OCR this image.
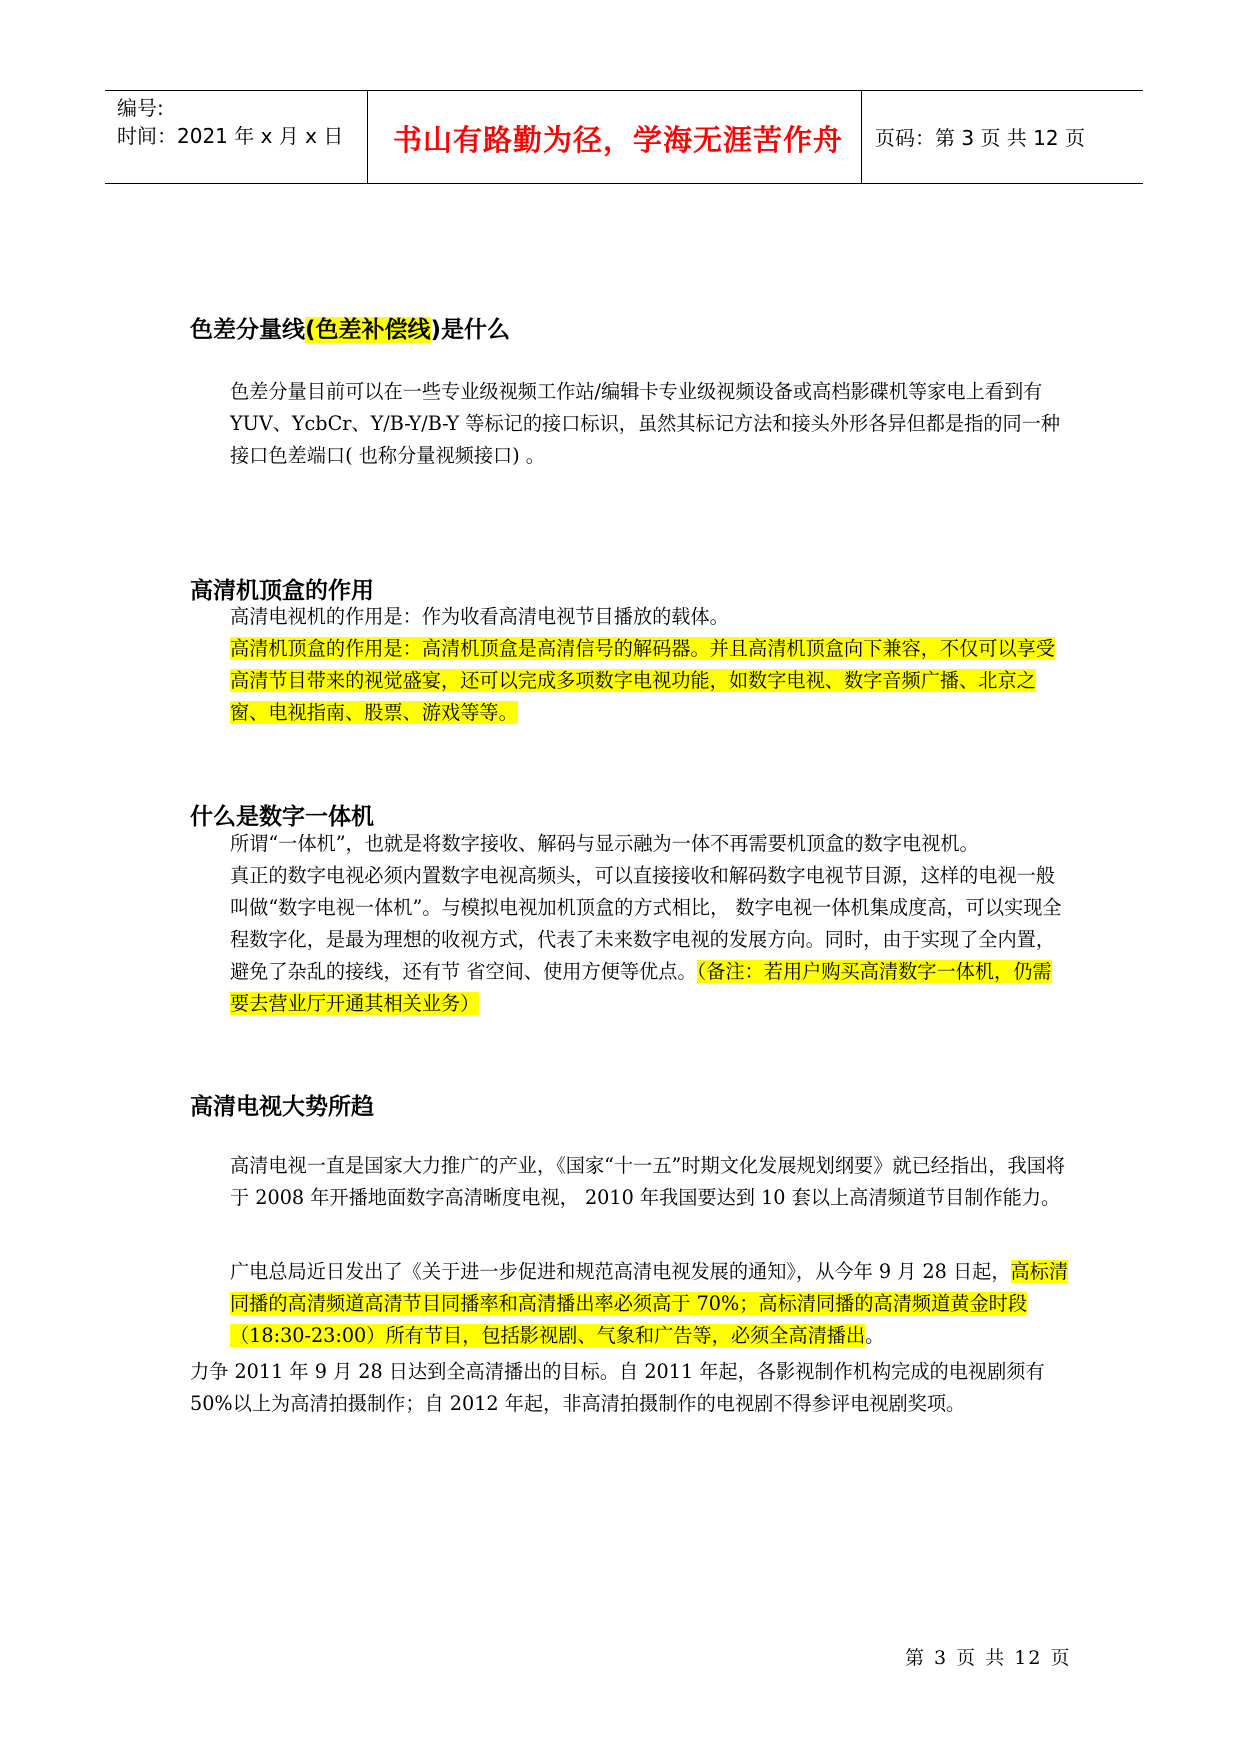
编号:
时间：2021 年 x 月 x 日	书山有路勤为径，学海无涯苦作舟	页码：第 3 页 共 12 页
色差分量线(色差补偿线)是什么
色差分量目前可以在一些专业级视频工作站/编辑卡专业级视频设备或高档影碟机等家电上看到有 YUV、YcbCr、Y/B-Y/B-Y 等标记的接口标识，虽然其标记方法和接头外形各异但都是指的同一种接口色差端口( 也称分量视频接口) 。
高清机顶盒的作用
高清电视机的作用是：作为收看高清电视节目播放的载体。
高清机顶盒的作用是：高清机顶盒是高清信号的解码器。并且高清机顶盒向下兼容，不仅可以享受高清节目带来的视觉盛宴，还可以完成多项数字电视功能，如数字电视、数字音频广播、北京之窗、电视指南、股票、游戏等等。
什么是数字一体机
所谓“一体机”，也就是将数字接收、解码与显示融为一体不再需要机顶盒的数字电视机。
真正的数字电视必须内置数字电视高频头，可以直接接收和解码数字电视节目源，这样的电视一般叫做“数字电视一体机”。与模拟电视加机顶盒的方式相比， 数字电视一体机集成度高，可以实现全程数字化，是最为理想的收视方式，代表了未来数字电视的发展方向。同时，由于实现了全内置，避免了杂乱的接线，还有节 省空间、使用方便等优点。（备注：若用户购买高清数字一体机，仍需要去营业厅开通其相关业务）
高清电视大势所趋
高清电视一直是国家大力推广的产业，《国家“十一五”时期文化发展规划纲要》就已经指出，我国将于 2008 年开播地面数字高清晰度电视， 2010 年我国要达到 10 套以上高清频道节目制作能力。
广电总局近日发出了《关于进一步促进和规范高清电视发展的通知》，从今年 9 月 28 日起，高标清同播的高清频道高清节目同播率和高清播出率必须高于 70%；高标清同播的高清频道黄金时段（18:30-23:00）所有节目，包括影视剧、气象和广告等，必须全高清播出。
力争 2011 年 9 月 28 日达到全高清播出的目标。自 2011 年起，各影视制作机构完成的电视剧须有 50%以上为高清拍摄制作；自 2012 年起，非高清拍摄制作的电视剧不得参评电视剧奖项。
第 3 页 共 12 页
